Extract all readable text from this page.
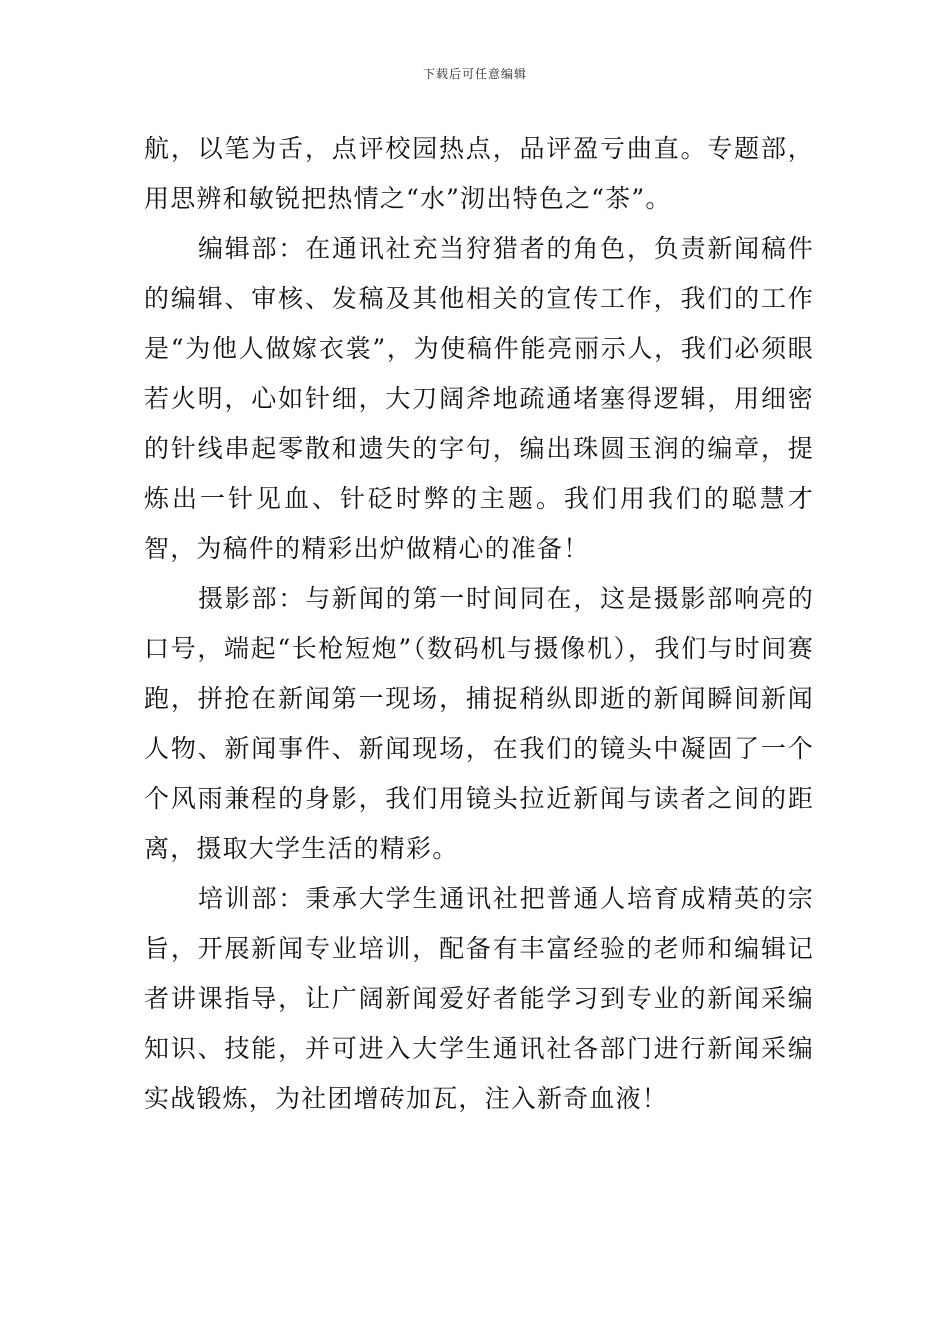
下载后可任意编辑

航，以笔为舌，点评校园热点，品评盈亏曲直。专题部，用思辨和敏锐把热情之“水”沏出特色之“茶”。

编辑部：在通讯社充当狩猎者的角色，负责新闻稿件的编辑、审核、发稿及其他相关的宣传工作，我们的工作是“为他人做嫁衣裳”，为使稿件能亮丽示人，我们必须眼若火明，心如针细，大刀阔斧地疏通堵塞得逻辑，用细密的针线串起零散和遗失的字句，编出珠圆玉润的编章，提炼出一针见血、针砭时弊的主题。我们用我们的聪慧才智，为稿件的精彩出炉做精心的准备！

摄影部：与新闻的第一时间同在，这是摄影部响亮的口号，端起“长枪短炮”（数码机与摄像机），我们与时间赛跑，拼抢在新闻第一现场，捕捉稍纵即逝的新闻瞬间新闻人物、新闻事件、新闻现场，在我们的镜头中凝固了一个个风雨兼程的身影，我们用镜头拉近新闻与读者之间的距离，摄取大学生活的精彩。

培训部：秉承大学生通讯社把普通人培育成精英的宗旨，开展新闻专业培训，配备有丰富经验的老师和编辑记者讲课指导，让广阔新闻爱好者能学习到专业的新闻采编知识、技能，并可进入大学生通讯社各部门进行新闻采编实战锻炼，为社团增砖加瓦，注入新奇血液！
